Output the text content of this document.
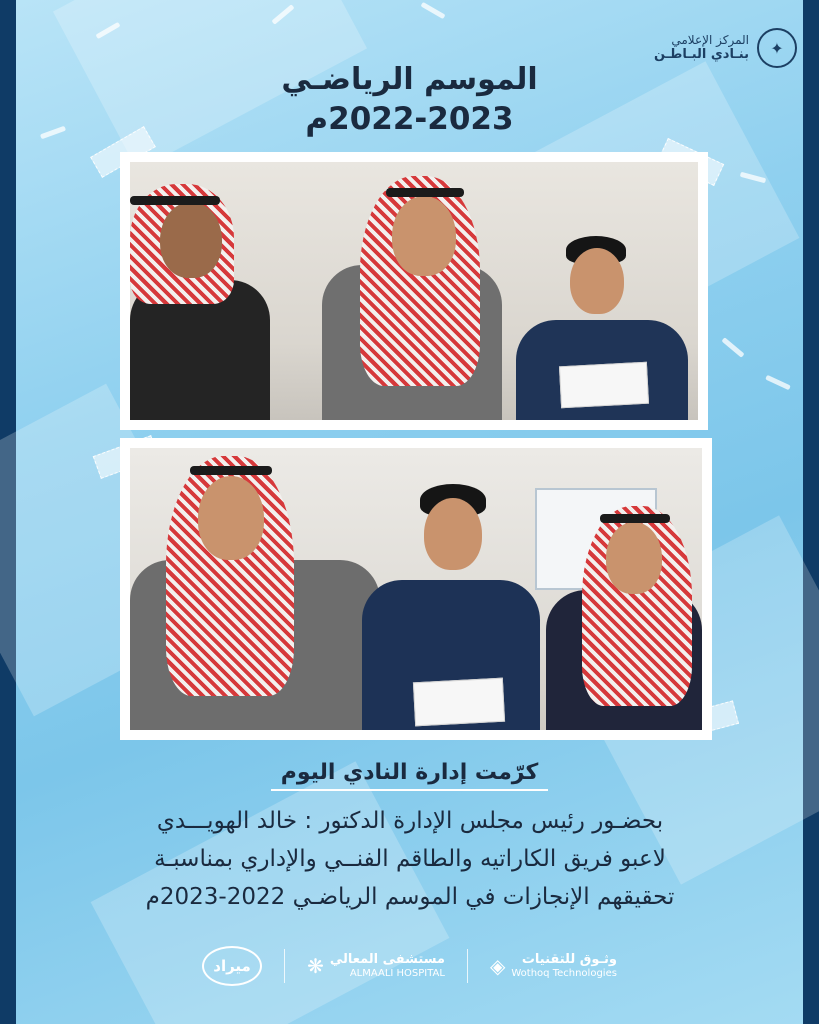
✦
المركز الإعلامي
بنـادي البـاطـن
الموسم الرياضـي
2022-2023م
كرّمت إدارة النادي اليوم
بحضـور رئيس مجلس الإدارة الدكتور : خالد الهويـــدي
لاعبو فريق الكاراتيه والطاقم الفنــي والإداري بمناسبـة
تحقيقهم الإنجازات في الموسم الرياضـي 2022-2023م
ميراد	مستشفى المعالي
ALMAALI HOSPITAL
❋	وثـوق للتقنيات
Wothoq Technologies
◈
